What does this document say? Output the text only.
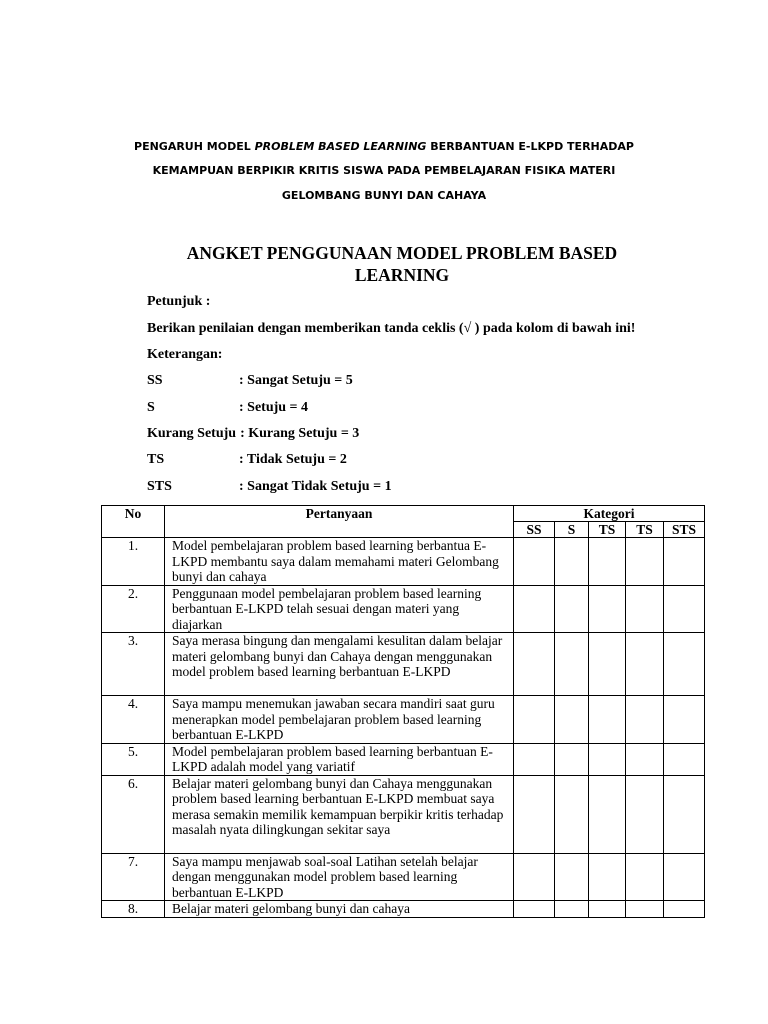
PENGARUH MODEL PROBLEM BASED LEARNING BERBANTUAN E-LKPD TERHADAP
KEMAMPUAN BERPIKIR KRITIS SISWA PADA PEMBELAJARAN FISIKA MATERI
GELOMBANG BUNYI DAN CAHAYA
ANGKET PENGGUNAAN MODEL PROBLEM BASED LEARNING
Petunjuk :
Berikan penilaian dengan memberikan tanda ceklis (√ ) pada kolom di bawah ini!
Keterangan:
SS	: Sangat Setuju = 5
S	: Setuju = 4
Kurang Setuju : Kurang Setuju = 3
TS	: Tidak Setuju = 2
STS	: Sangat Tidak Setuju = 1
No	Pertanyaan	Kategori				
		SS	S	TS	TS	STS
1.	Model pembelajaran problem based learning berbantua E-LKPD membantu saya dalam memahami materi Gelombang bunyi dan cahaya					
2.	Penggunaan model pembelajaran problem based learning berbantuan E-LKPD telah sesuai dengan materi yang diajarkan					
3.	Saya merasa bingung dan mengalami kesulitan dalam belajar materi gelombang bunyi dan Cahaya dengan menggunakan model problem based learning berbantuan E-LKPD					
4.	Saya mampu menemukan jawaban secara mandiri saat guru menerapkan model pembelajaran problem based learning berbantuan E-LKPD					
5.	Model pembelajaran problem based learning berbantuan E-LKPD adalah model yang variatif					
6.	Belajar materi gelombang bunyi dan Cahaya menggunakan problem based learning berbantuan E-LKPD membuat saya merasa semakin memilik kemampuan berpikir kritis terhadap masalah nyata dilingkungan sekitar saya					
7.	Saya mampu menjawab soal-soal Latihan setelah belajar dengan menggunakan model problem based learning berbantuan E-LKPD					
8.	Belajar materi gelombang bunyi dan cahaya					
